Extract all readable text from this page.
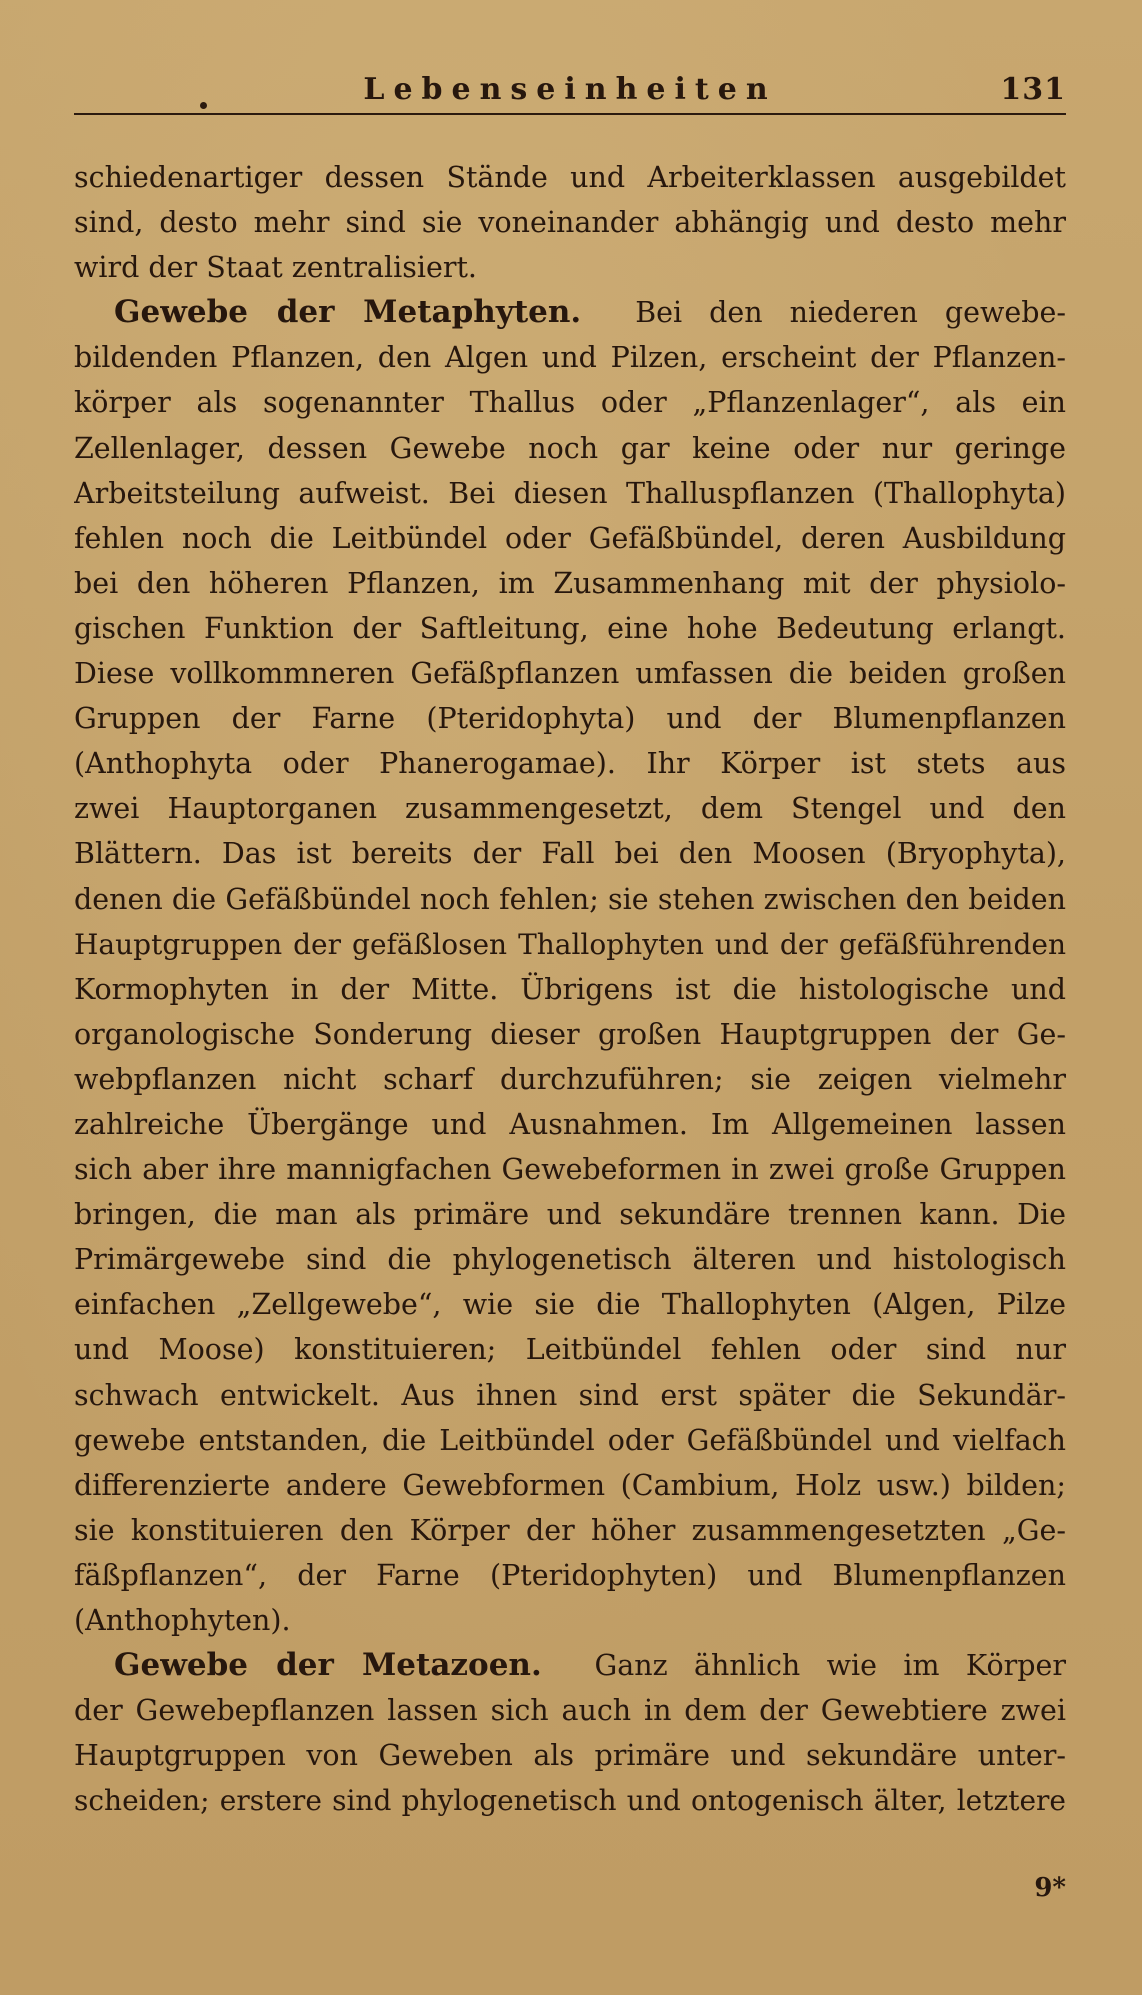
Lebenseinheiten	131
schiedenartiger dessen Stände und Arbeiterklassen ausgebildet
sind, desto mehr sind sie voneinander abhängig und desto mehr
wird der Staat zentralisiert.
Gewebe der Metaphyten. Bei den niederen gewebe-
bildenden Pflanzen, den Algen und Pilzen, erscheint der Pflanzen-
körper als sogenannter Thallus oder „Pflanzenlager“, als ein
Zellenlager, dessen Gewebe noch gar keine oder nur geringe
Arbeitsteilung aufweist. Bei diesen Thalluspflanzen (Thallophyta)
fehlen noch die Leitbündel oder Gefäßbündel, deren Ausbildung
bei den höheren Pflanzen, im Zusammenhang mit der physiolo-
gischen Funktion der Saftleitung, eine hohe Bedeutung erlangt.
Diese vollkommneren Gefäßpflanzen umfassen die beiden großen
Gruppen der Farne (Pteridophyta) und der Blumenpflanzen
(Anthophyta oder Phanerogamae). Ihr Körper ist stets aus
zwei Hauptorganen zusammengesetzt, dem Stengel und den
Blättern. Das ist bereits der Fall bei den Moosen (Bryophyta),
denen die Gefäßbündel noch fehlen; sie stehen zwischen den beiden
Hauptgruppen der gefäßlosen Thallophyten und der gefäßführenden
Kormophyten in der Mitte. Übrigens ist die histologische und
organologische Sonderung dieser großen Hauptgruppen der Ge-
webpflanzen nicht scharf durchzuführen; sie zeigen vielmehr
zahlreiche Übergänge und Ausnahmen. Im Allgemeinen lassen
sich aber ihre mannigfachen Gewebeformen in zwei große Gruppen
bringen, die man als primäre und sekundäre trennen kann. Die
Primärgewebe sind die phylogenetisch älteren und histologisch
einfachen „Zellgewebe“, wie sie die Thallophyten (Algen, Pilze
und Moose) konstituieren; Leitbündel fehlen oder sind nur
schwach entwickelt. Aus ihnen sind erst später die Sekundär-
gewebe entstanden, die Leitbündel oder Gefäßbündel und vielfach
differenzierte andere Gewebformen (Cambium, Holz usw.) bilden;
sie konstituieren den Körper der höher zusammengesetzten „Ge-
fäßpflanzen“, der Farne (Pteridophyten) und Blumenpflanzen
(Anthophyten).
Gewebe der Metazoen. Ganz ähnlich wie im Körper
der Gewebepflanzen lassen sich auch in dem der Gewebtiere zwei
Hauptgruppen von Geweben als primäre und sekundäre unter-
scheiden; erstere sind phylogenetisch und ontogenisch älter, letztere
9*
